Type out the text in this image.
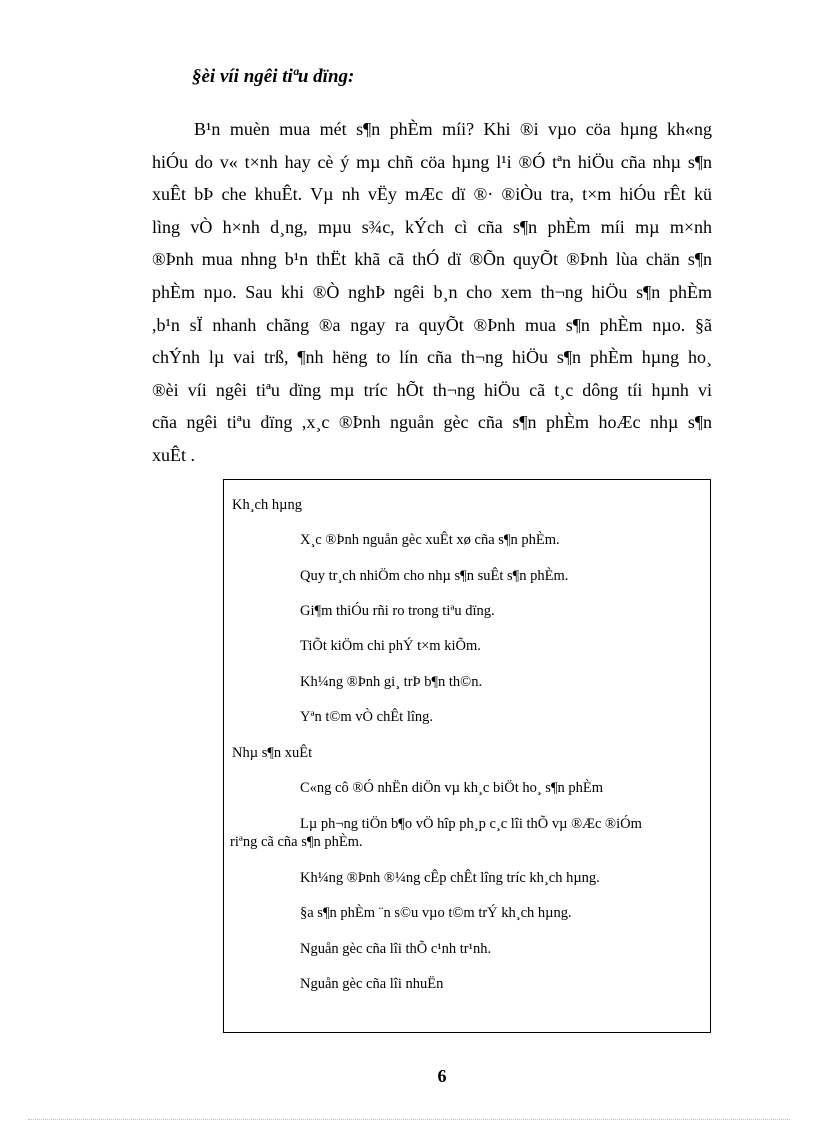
§èi víi ngêi tiªu dïng:
B¹n muèn mua mét s¶n phÈm míi? Khi ®i vµo cöa hµng kh«ng
hiÓu do v« t×nh hay cè ý mµ chñ cöa hµng l¹i ®Ó tªn hiÖu cña nhµ s¶n
xuÊt bÞ che khuÊt. Vµ nh vËy mÆc dï ®· ®iÒu tra, t×m hiÓu rÊt kü
lìng vÒ h×nh d¸ng, mµu s¾c, kÝch cì cña s¶n phÈm míi mµ m×nh
®Þnh mua nhng b¹n thËt khã cã thÓ dï ®Õn quyÕt ®Þnh lùa chän s¶n
phÈm nµo. Sau khi ®Ò nghÞ ngêi b¸n cho xem th¬ng hiÖu s¶n phÈm
,b¹n sÏ nhanh chãng ®a ngay ra quyÕt ®Þnh mua s¶n phÈm nµo. §ã
chÝnh lµ vai trß, ¶nh hëng to lín cña th¬ng hiÖu s¶n phÈm hµng ho¸
®èi víi ngêi tiªu dïng mµ tríc hÕt th¬ng hiÖu cã t¸c dông tíi hµnh vi
cña ngêi tiªu dïng ,x¸c ®Þnh nguån gèc cña s¶n phÈm hoÆc nhµ s¶n
xuÊt .
Kh¸ch hµng
X¸c ®Þnh nguån gèc xuÊt xø cña s¶n phÈm.
Quy tr¸ch nhiÖm cho nhµ s¶n suÊt s¶n phÈm.
Gi¶m thiÓu rñi ro trong tiªu dïng.
TiÕt kiÖm chi phÝ t×m kiÕm.
Kh¼ng ®Þnh gi¸ trÞ b¶n th©n.
Yªn t©m vÒ chÊt lîng.
Nhµ s¶n xuÊt
C«ng cô ®Ó nhËn diÖn vµ kh¸c biÖt ho¸ s¶n phÈm
Lµ ph¬ng tiÖn b¶o vÖ hîp ph¸p c¸c lîi thÕ vµ ®Æc ®iÓm
riªng cã cña s¶n phÈm.
Kh¼ng ®Þnh ®¼ng cÊp chÊt lîng tríc kh¸ch hµng.
§a s¶n phÈm ¨n s©u vµo t©m trÝ kh¸ch hµng.
Nguån gèc cña lîi thÕ c¹nh tr¹nh.
Nguån gèc cña lîi nhuËn
6
